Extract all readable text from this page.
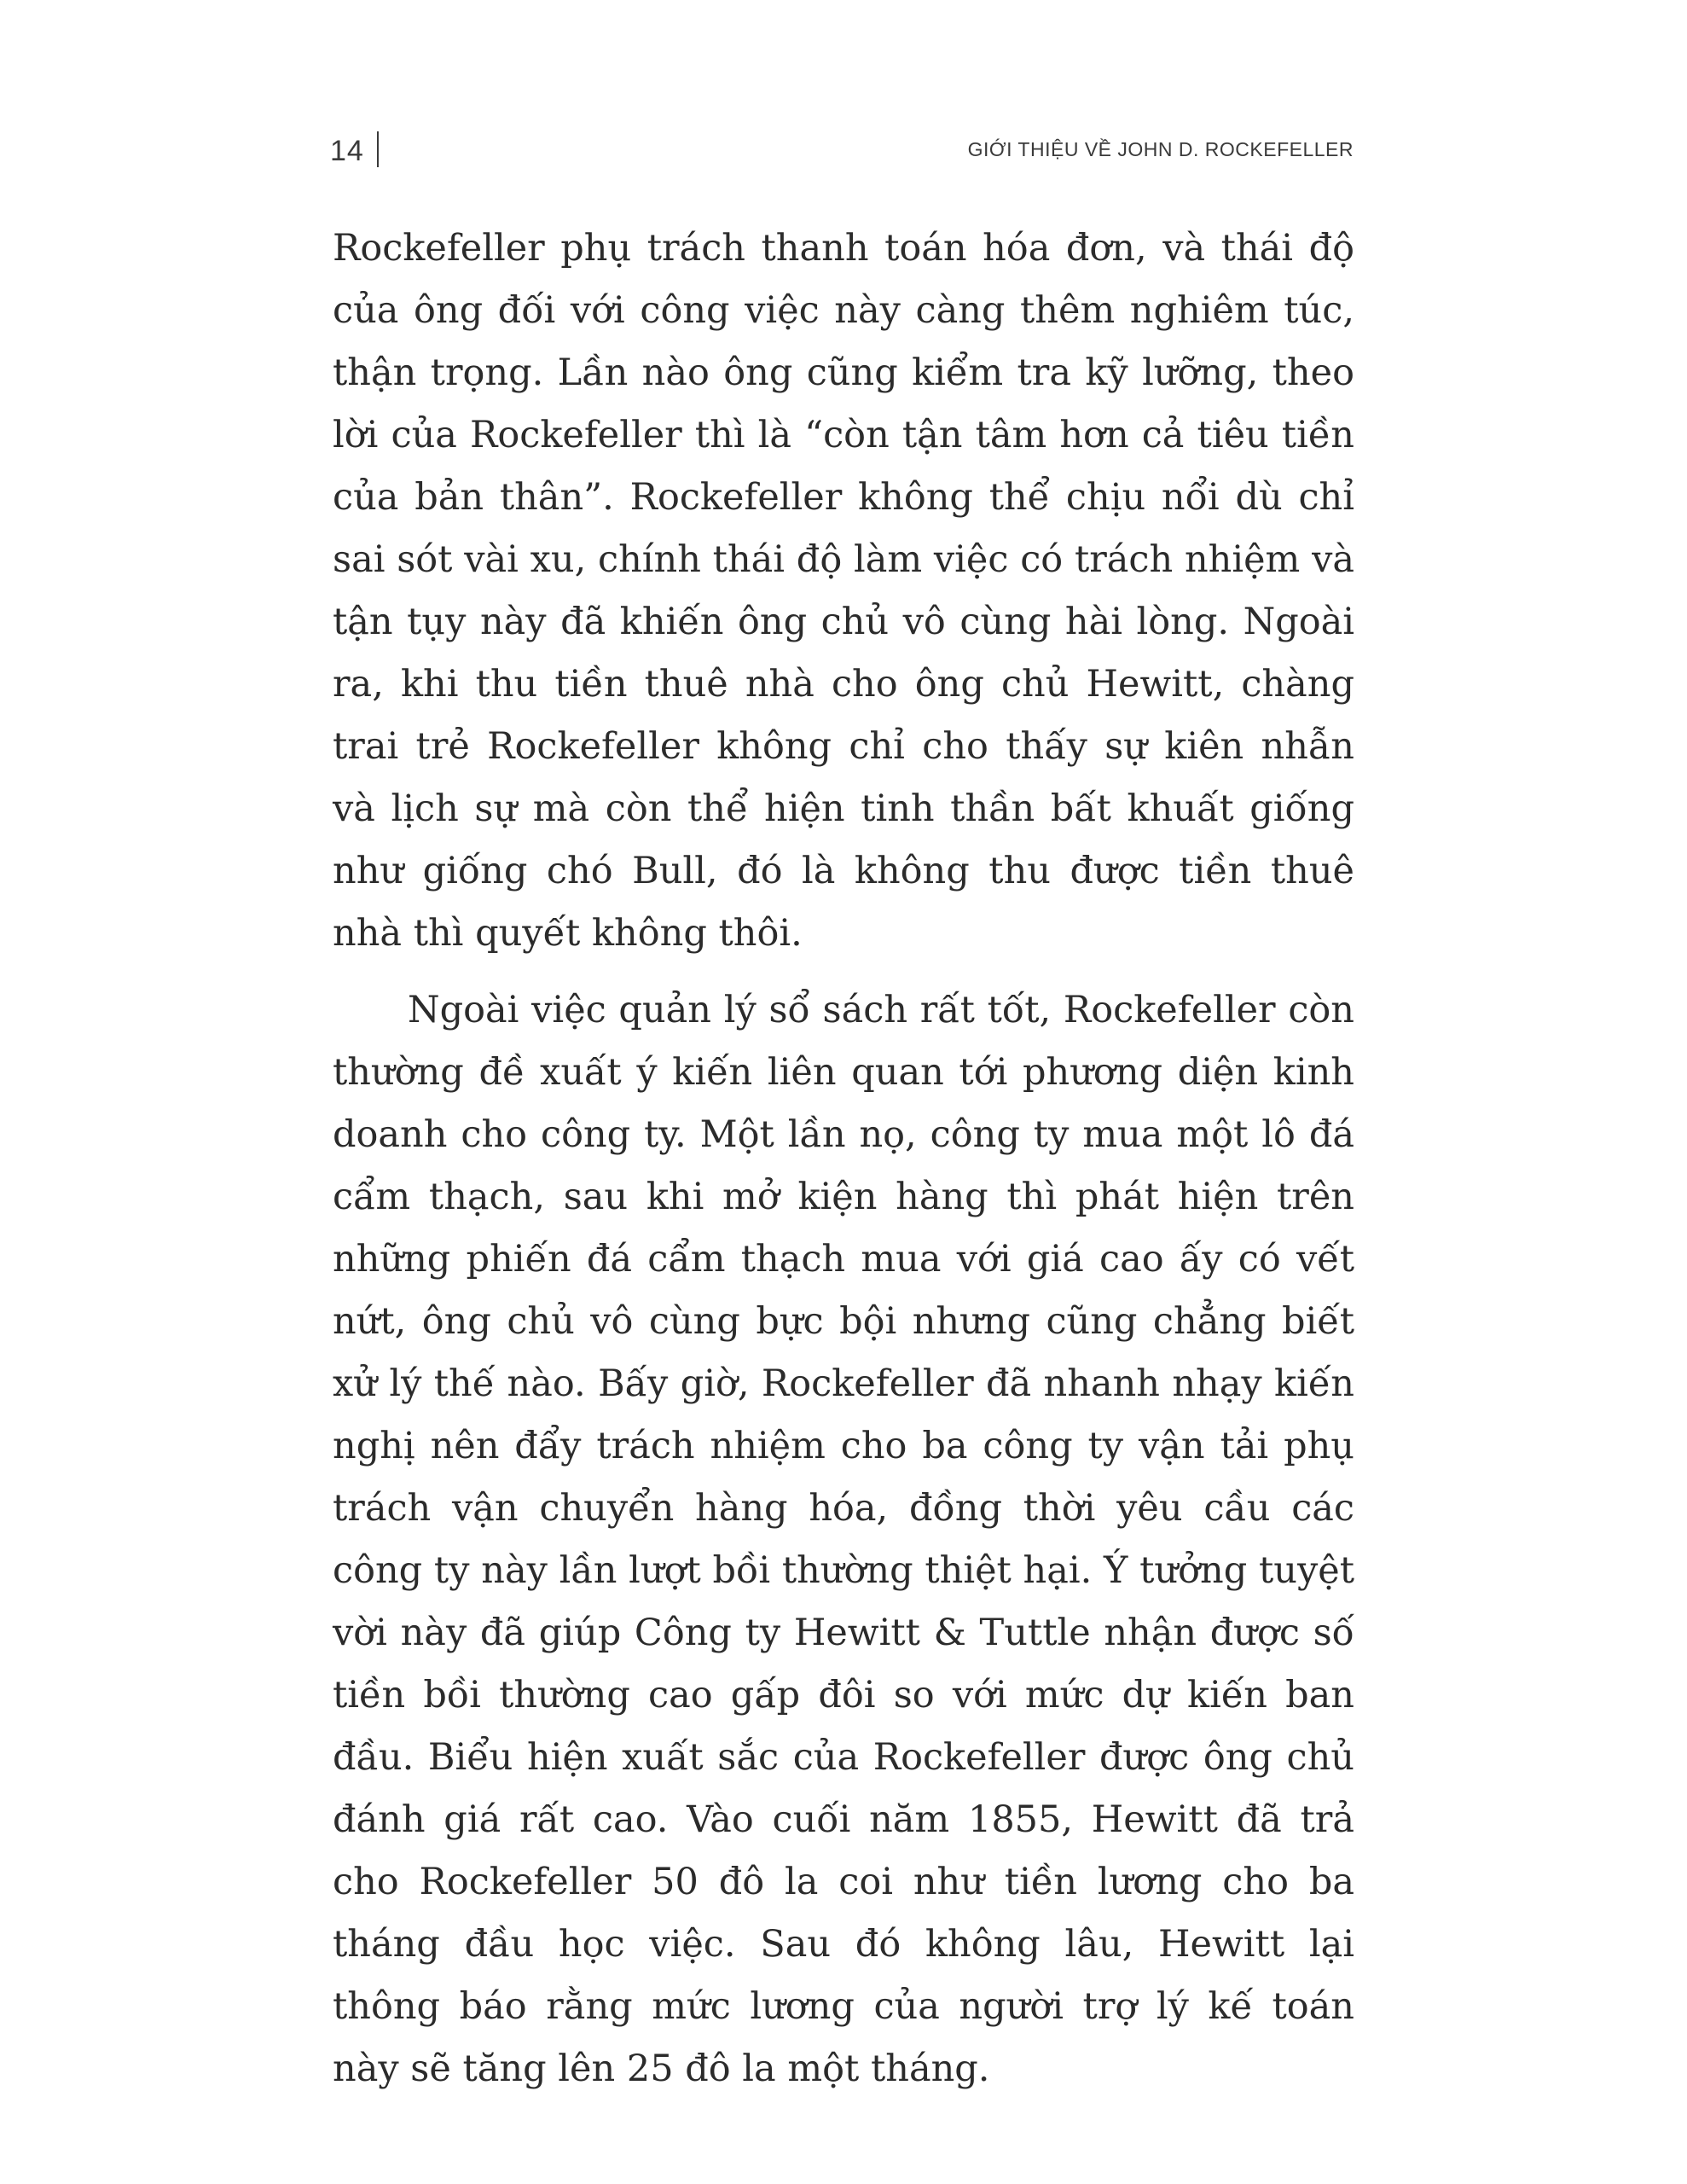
14	GIỚI THIỆU VỀ JOHN D. ROCKEFELLER

Rockefeller phụ trách thanh toán hóa đơn, và thái độ của ông đối với công việc này càng thêm nghiêm túc, thận trọng. Lần nào ông cũng kiểm tra kỹ lưỡng, theo lời của Rockefeller thì là “còn tận tâm hơn cả tiêu tiền của bản thân”. Rockefeller không thể chịu nổi dù chỉ sai sót vài xu, chính thái độ làm việc có trách nhiệm và tận tụy này đã khiến ông chủ vô cùng hài lòng. Ngoài ra, khi thu tiền thuê nhà cho ông chủ Hewitt, chàng trai trẻ Rockefeller không chỉ cho thấy sự kiên nhẫn và lịch sự mà còn thể hiện tinh thần bất khuất giống như giống chó Bull, đó là không thu được tiền thuê nhà thì quyết không thôi.

Ngoài việc quản lý sổ sách rất tốt, Rockefeller còn thường đề xuất ý kiến liên quan tới phương diện kinh doanh cho công ty. Một lần nọ, công ty mua một lô đá cẩm thạch, sau khi mở kiện hàng thì phát hiện trên những phiến đá cẩm thạch mua với giá cao ấy có vết nứt, ông chủ vô cùng bực bội nhưng cũng chẳng biết xử lý thế nào. Bấy giờ, Rockefeller đã nhanh nhạy kiến nghị nên đẩy trách nhiệm cho ba công ty vận tải phụ trách vận chuyển hàng hóa, đồng thời yêu cầu các công ty này lần lượt bồi thường thiệt hại. Ý tưởng tuyệt vời này đã giúp Công ty Hewitt & Tuttle nhận được số tiền bồi thường cao gấp đôi so với mức dự kiến ban đầu. Biểu hiện xuất sắc của Rockefeller được ông chủ đánh giá rất cao. Vào cuối năm 1855, Hewitt đã trả cho Rockefeller 50 đô la coi như tiền lương cho ba tháng đầu học việc. Sau đó không lâu, Hewitt lại thông báo rằng mức lương của người trợ lý kế toán này sẽ tăng lên 25 đô la một tháng.
